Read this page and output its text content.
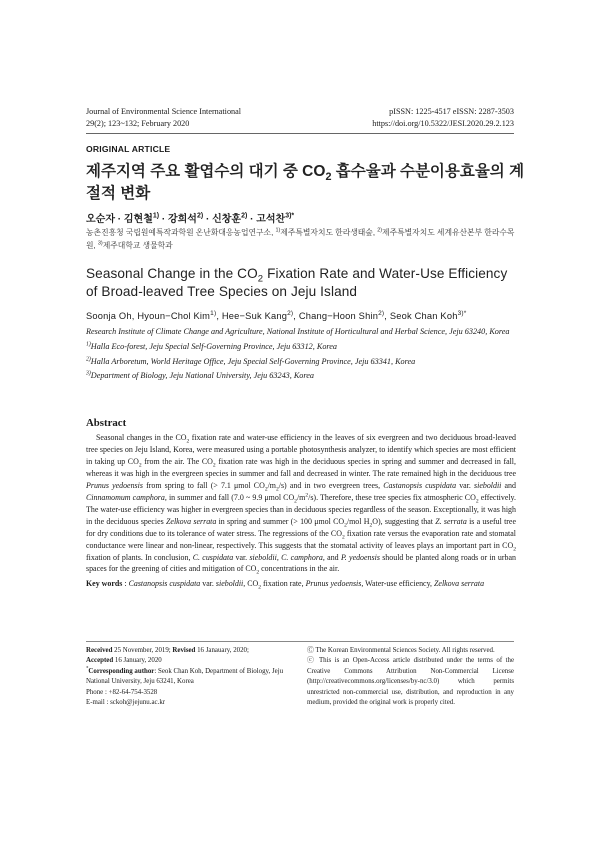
Journal of Environmental Science International
29(2); 123~132; February 2020
pISSN: 1225-4517 eISSN: 2287-3503
https://doi.org/10.5322/JESI.2020.29.2.123
ORIGINAL ARTICLE
제주지역 주요 활엽수의 대기 중 $CO_2$ 흡수율과 수분이용효율의 계절적 변화
오순자 · 김현철$^{1)}$ · 강희석$^{2)}$ · 신창훈$^{2)}$ · 고석찬$^{3)*}$
농촌진흥청 국립원예특작과학원 온난화대응농업연구소, $^{1)}$제주특별자치도 한라생태숲, $^{2)}$제주특별자치도 세계유산본부 한라수목원, $^{3)}$제주대학교 생물학과
Seasonal Change in the $CO_2$ Fixation Rate and Water-Use Efficiency of Broad-leaved Tree Species on Jeju Island
Soonja Oh, Hyoun−Chol Kim$^{1)}$, Hee−Suk Kang$^{2)}$, Chang−Hoon Shin$^{2)}$, Seok Chan Koh$^{3)*}$

Research Institute of Climate Change and Agriculture, National Institute of Horticultural and Herbal Science, Jeju 63240, Korea

$^{1)}$Halla Eco-forest, Jeju Special Self-Governing Province, Jeju 63312, Korea

$^{2)}$Halla Arboretum, World Heritage Office, Jeju Special Self-Governing Province, Jeju 63341, Korea

$^{3)}$Department of Biology, Jeju National University, Jeju 63243, Korea

Abstract
Seasonal changes in the $CO_2$ fixation rate and water-use efficiency in the leaves of six evergreen and two deciduous broad-leaved tree species on Jeju Island, Korea, were measured using a portable photosynthesis analyzer, to identify which species are most efficient in taking up $CO_2$ from the air. The $CO_2$ fixation rate was high in the deciduous species in spring and summer and decreased in fall, whereas it was high in the evergreen species in summer and fall and decreased in winter. The rate remained high in the deciduous tree Prunus yedoensis from spring to fall (> 7.1 μmol $CO_2/m_2/s$) and in two evergreen trees, Castanopsis cuspidata var. sieboldii and Cinnamomum camphora, in summer and fall (7.0 ~ 9.9 μmol $CO_2/m^2/s$). Therefore, these tree species fix atmospheric $CO_2$ effectively. The water-use efficiency was higher in evergreen species than in deciduous species regardless of the season. Exceptionally, it was high in the deciduous species Zelkova serrata in spring and summer (> 100 μmol $CO_2$/mol $H_2O$), suggesting that Z. serrata is a useful tree for dry conditions due to its tolerance of water stress. The regressions of the $CO_2$ fixation rate versus the evaporation rate and stomatal conductance were linear and non-linear, respectively. This suggests that the stomatal activity of leaves plays an important part in $CO_2$ fixation of plants. In conclusion, C. cuspidata var. sieboldii, C. camphora, and P. yedoensis should be planted along roads or in urban spaces for the greening of cities and mitigation of $CO_2$ concentrations in the air.
Key words : Castanopsis cuspidata var. sieboldii, $CO_2$ fixation rate, Prunus yedoensis, Water-use efficiency, Zelkova serrata

Received 25 November, 2019; Revised 16 Janauary, 2020;

Accepted 16 January, 2020

*Corresponding author: Seok Chan Koh, Department of Biology, Jeju National University, Jeju 63241, Korea

Phone : +82-64-754-3528

E-mail : sckoh@jejunu.ac.kr

Ⓒ The Korean Environmental Sciences Society. All rights reserved.

ⓒ This is an Open-Access article distributed under the terms of the Creative Commons Attribution Non-Commercial License (http://creativecommons.org/licenses/by-nc/3.0) which permits unrestricted non-commercial use, distribution, and reproduction in any medium, provided the original work is properly cited.
